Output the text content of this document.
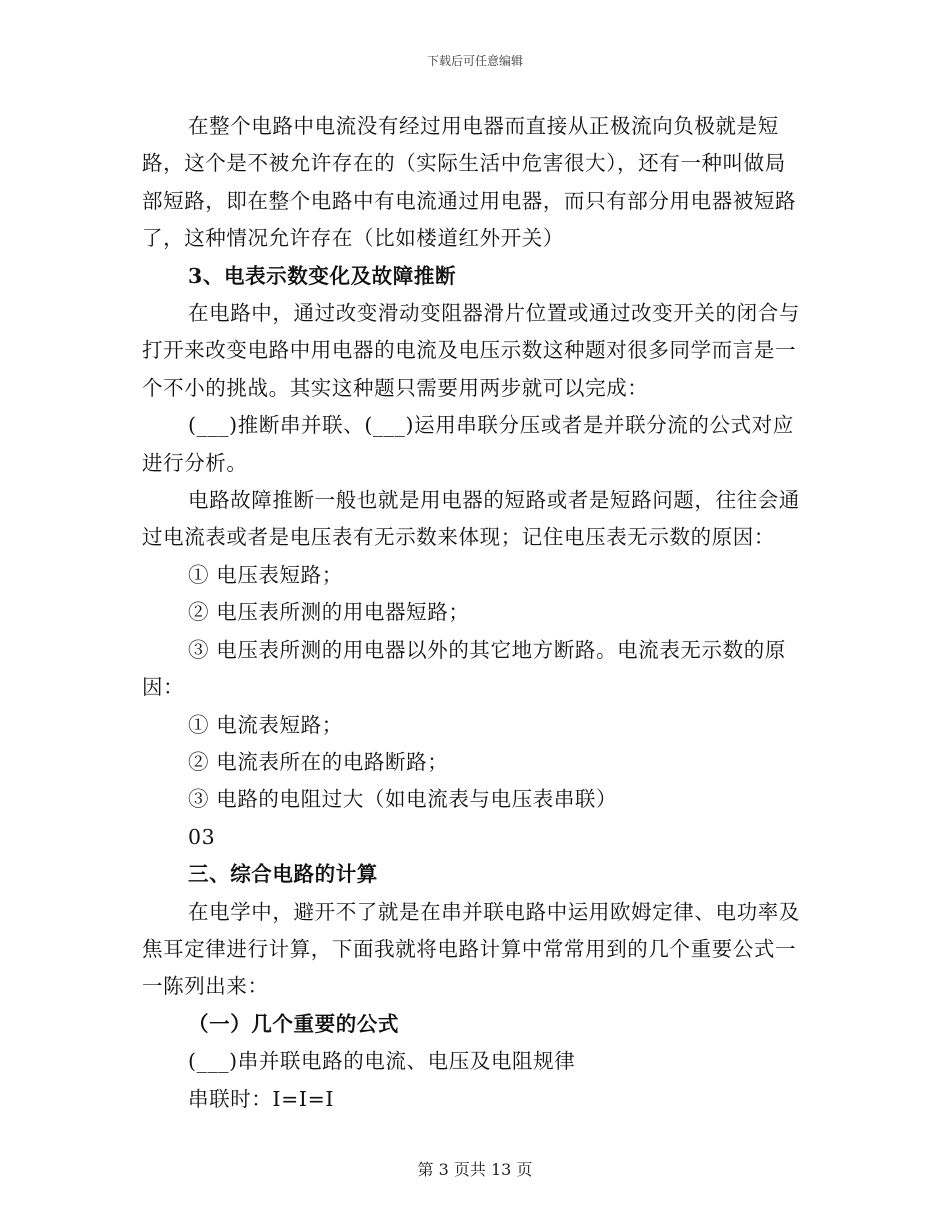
下载后可任意编辑

在整个电路中电流没有经过用电器而直接从正极流向负极就是短路，这个是不被允许存在的（实际生活中危害很大），还有一种叫做局部短路，即在整个电路中有电流通过用电器，而只有部分用电器被短路了，这种情况允许存在（比如楼道红外开关）

3、电表示数变化及故障推断

在电路中，通过改变滑动变阻器滑片位置或通过改变开关的闭合与打开来改变电路中用电器的电流及电压示数这种题对很多同学而言是一个不小的挑战。其实这种题只需要用两步就可以完成：

(___)推断串并联、(___)运用串联分压或者是并联分流的公式对应进行分析。

电路故障推断一般也就是用电器的短路或者是短路问题，往往会通过电流表或者是电压表有无示数来体现；记住电压表无示数的原因：

① 电压表短路；

② 电压表所测的用电器短路；

③ 电压表所测的用电器以外的其它地方断路。电流表无示数的原因：

① 电流表短路；

② 电流表所在的电路断路；

③ 电路的电阻过大（如电流表与电压表串联）

03

三、综合电路的计算

在电学中，避开不了就是在串并联电路中运用欧姆定律、电功率及焦耳定律进行计算，下面我就将电路计算中常常用到的几个重要公式一一陈列出来：

（一）几个重要的公式

(___)串并联电路的电流、电压及电阻规律

串联时：I=I=I

第 3 页共 13 页
